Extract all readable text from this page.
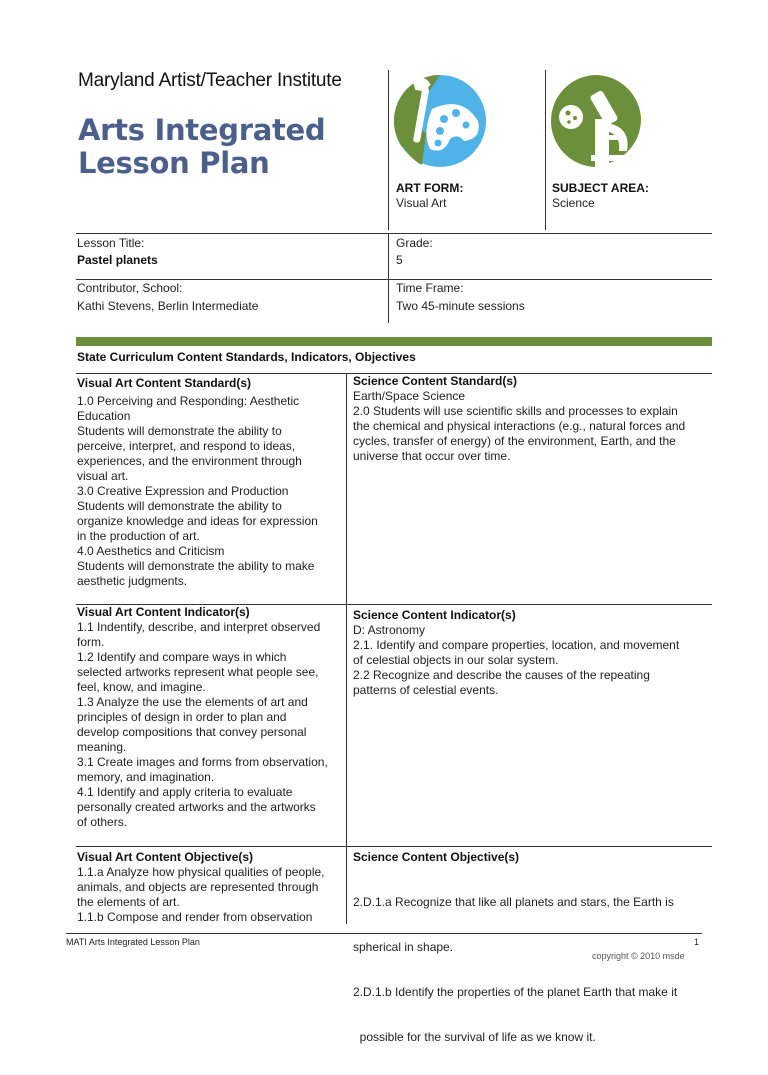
Maryland Artist/Teacher Institute
Arts Integrated
Lesson Plan
ART FORM:
Visual Art
SUBJECT AREA:
Science
Lesson Title:
Pastel planets
Grade:
5
Contributor, School:
Kathi Stevens, Berlin Intermediate
Time Frame:
Two 45-minute sessions
State Curriculum Content Standards, Indicators, Objectives
Visual Art Content Standard(s)
1.0 Perceiving and Responding: Aesthetic
Education
Students will demonstrate the ability to
perceive, interpret, and respond to ideas,
experiences, and the environment through
visual art.
3.0 Creative Expression and Production
Students will demonstrate the ability to
organize knowledge and ideas for expression
in the production of art.
4.0 Aesthetics and Criticism
Students will demonstrate the ability to make
aesthetic judgments.
Science Content Standard(s)
Earth/Space Science
2.0 Students will use scientific skills and processes to explain
the chemical and physical interactions (e.g., natural forces and
cycles, transfer of energy) of the environment, Earth, and the
universe that occur over time.
Visual Art Content Indicator(s)
1.1 Indentify, describe, and interpret observed
form.
1.2 Identify and compare ways in which
selected artworks represent what people see,
feel, know, and imagine.
1.3 Analyze the use the elements of art and
principles of design in order to plan and
develop compositions that convey personal
meaning.
3.1 Create images and forms from observation,
memory, and imagination.
4.1 Identify and apply criteria to evaluate
personally created artworks and the artworks
of others.
Science Content Indicator(s)
D: Astronomy
2.1. Identify and compare properties, location, and movement
of celestial objects in our solar system.
2.2 Recognize and describe the causes of the repeating
patterns of celestial events.
Visual Art Content Objective(s)
1.1.a Analyze how physical qualities of people,
animals, and objects are represented through
the elements of art.
1.1.b Compose and render from observation
Science Content Objective(s)

2.D.1.a Recognize that like all planets and stars, the Earth is

spherical in shape.

2.D.1.b Identify the properties of the planet Earth that make it

possible for the survival of life as we know it.

MATI Arts Integrated Lesson Plan	1
copyright © 2010 msde
